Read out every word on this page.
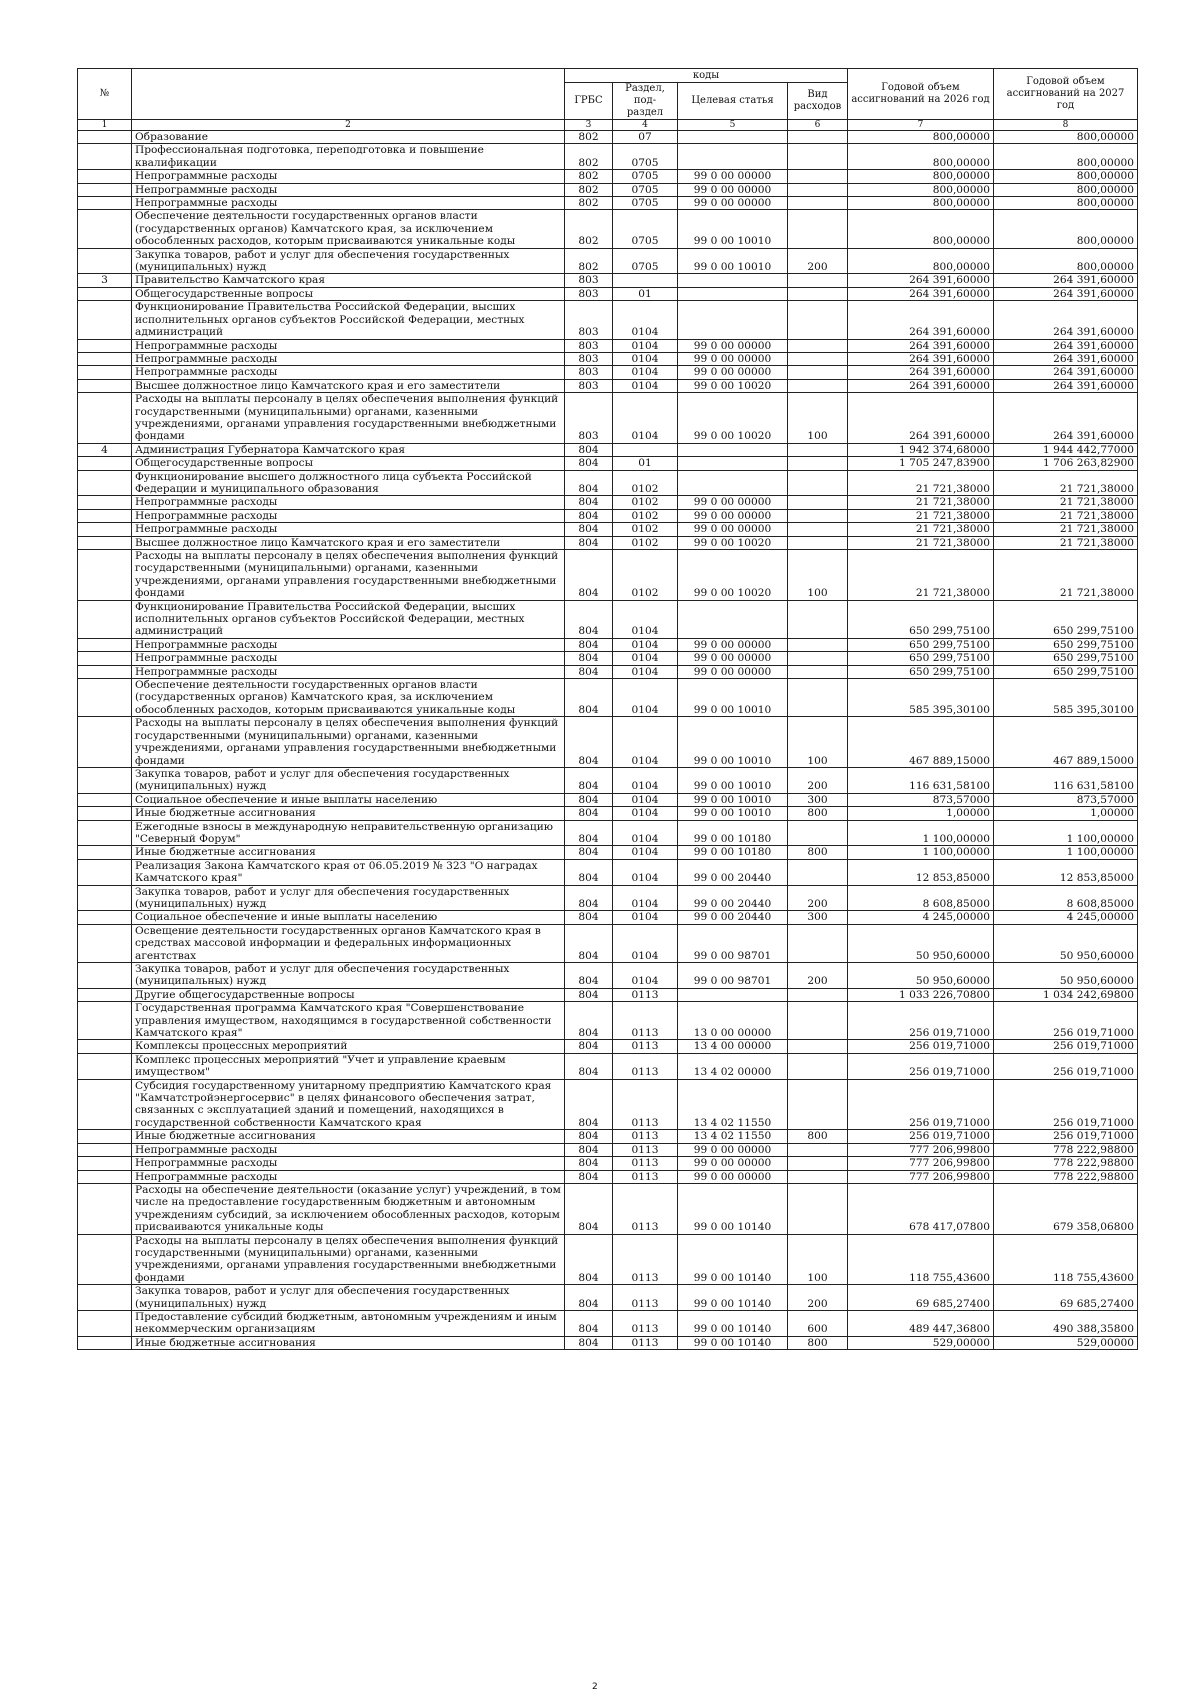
№		коды				Годовой объем ассигнований на 2026 год	Годовой объем ассигнований на 2027 год
		ГРБС	Раздел, под-раздел	Целевая статья	Вид расходов		
1	2	3	4	5	6	7	8
	Образование	802	07			800,00000	800,00000
	Профессиональная подготовка, переподготовка и повышение квалификации	802	0705			800,00000	800,00000
	Непрограммные расходы	802	0705	99 0 00 00000		800,00000	800,00000
	Непрограммные расходы	802	0705	99 0 00 00000		800,00000	800,00000
	Непрограммные расходы	802	0705	99 0 00 00000		800,00000	800,00000
	Обеспечение деятельности государственных органов власти (государственных органов) Камчатского края, за исключением обособленных расходов, которым присваиваются уникальные коды	802	0705	99 0 00 10010		800,00000	800,00000
	Закупка товаров, работ и услуг для обеспечения государственных (муниципальных) нужд	802	0705	99 0 00 10010	200	800,00000	800,00000
3	Правительство Камчатского края	803				264 391,60000	264 391,60000
	Общегосударственные вопросы	803	01			264 391,60000	264 391,60000
	Функционирование Правительства Российской Федерации, высших исполнительных органов субъектов Российской Федерации, местных администраций	803	0104			264 391,60000	264 391,60000
	Непрограммные расходы	803	0104	99 0 00 00000		264 391,60000	264 391,60000
	Непрограммные расходы	803	0104	99 0 00 00000		264 391,60000	264 391,60000
	Непрограммные расходы	803	0104	99 0 00 00000		264 391,60000	264 391,60000
	Высшее должностное лицо Камчатского края и его заместители	803	0104	99 0 00 10020		264 391,60000	264 391,60000
	Расходы на выплаты персоналу в целях обеспечения выполнения функций государственными (муниципальными) органами, казенными учреждениями, органами управления государственными внебюджетными фондами	803	0104	99 0 00 10020	100	264 391,60000	264 391,60000
4	Администрация Губернатора Камчатского края	804				1 942 374,68000	1 944 442,77000
	Общегосударственные вопросы	804	01			1 705 247,83900	1 706 263,82900
	Функционирование высшего должностного лица субъекта Российской Федерации и муниципального образования	804	0102			21 721,38000	21 721,38000
	Непрограммные расходы	804	0102	99 0 00 00000		21 721,38000	21 721,38000
	Непрограммные расходы	804	0102	99 0 00 00000		21 721,38000	21 721,38000
	Непрограммные расходы	804	0102	99 0 00 00000		21 721,38000	21 721,38000
	Высшее должностное лицо Камчатского края и его заместители	804	0102	99 0 00 10020		21 721,38000	21 721,38000
	Расходы на выплаты персоналу в целях обеспечения выполнения функций государственными (муниципальными) органами, казенными учреждениями, органами управления государственными внебюджетными фондами	804	0102	99 0 00 10020	100	21 721,38000	21 721,38000
	Функционирование Правительства Российской Федерации, высших исполнительных органов субъектов Российской Федерации, местных администраций	804	0104			650 299,75100	650 299,75100
	Непрограммные расходы	804	0104	99 0 00 00000		650 299,75100	650 299,75100
	Непрограммные расходы	804	0104	99 0 00 00000		650 299,75100	650 299,75100
	Непрограммные расходы	804	0104	99 0 00 00000		650 299,75100	650 299,75100
	Обеспечение деятельности государственных органов власти (государственных органов) Камчатского края, за исключением обособленных расходов, которым присваиваются уникальные коды	804	0104	99 0 00 10010		585 395,30100	585 395,30100
	Расходы на выплаты персоналу в целях обеспечения выполнения функций государственными (муниципальными) органами, казенными учреждениями, органами управления государственными внебюджетными фондами	804	0104	99 0 00 10010	100	467 889,15000	467 889,15000
	Закупка товаров, работ и услуг для обеспечения государственных (муниципальных) нужд	804	0104	99 0 00 10010	200	116 631,58100	116 631,58100
	Социальное обеспечение и иные выплаты населению	804	0104	99 0 00 10010	300	873,57000	873,57000
	Иные бюджетные ассигнования	804	0104	99 0 00 10010	800	1,00000	1,00000
	Ежегодные взносы в международную неправительственную организацию "Северный Форум"	804	0104	99 0 00 10180		1 100,00000	1 100,00000
	Иные бюджетные ассигнования	804	0104	99 0 00 10180	800	1 100,00000	1 100,00000
	Реализация Закона Камчатского края от 06.05.2019 № 323 "О наградах Камчатского края"	804	0104	99 0 00 20440		12 853,85000	12 853,85000
	Закупка товаров, работ и услуг для обеспечения государственных (муниципальных) нужд	804	0104	99 0 00 20440	200	8 608,85000	8 608,85000
	Социальное обеспечение и иные выплаты населению	804	0104	99 0 00 20440	300	4 245,00000	4 245,00000
	Освещение деятельности государственных органов Камчатского края в средствах массовой информации и федеральных информационных агентствах	804	0104	99 0 00 98701		50 950,60000	50 950,60000
	Закупка товаров, работ и услуг для обеспечения государственных (муниципальных) нужд	804	0104	99 0 00 98701	200	50 950,60000	50 950,60000
	Другие общегосударственные вопросы	804	0113			1 033 226,70800	1 034 242,69800
	Государственная программа Камчатского края "Совершенствование управления имуществом, находящимся в государственной собственности Камчатского края"	804	0113	13 0 00 00000		256 019,71000	256 019,71000
	Комплексы процессных мероприятий	804	0113	13 4 00 00000		256 019,71000	256 019,71000
	Комплекс процессных мероприятий "Учет и управление краевым имуществом"	804	0113	13 4 02 00000		256 019,71000	256 019,71000
	Субсидия государственному унитарному предприятию Камчатского края "Камчатстройэнергосервис" в целях финансового обеспечения затрат, связанных с эксплуатацией зданий и помещений, находящихся в государственной собственности Камчатского края	804	0113	13 4 02 11550		256 019,71000	256 019,71000
	Иные бюджетные ассигнования	804	0113	13 4 02 11550	800	256 019,71000	256 019,71000
	Непрограммные расходы	804	0113	99 0 00 00000		777 206,99800	778 222,98800
	Непрограммные расходы	804	0113	99 0 00 00000		777 206,99800	778 222,98800
	Непрограммные расходы	804	0113	99 0 00 00000		777 206,99800	778 222,98800
	Расходы на обеспечение деятельности (оказание услуг) учреждений, в том числе на предоставление государственным бюджетным и автономным учреждениям субсидий, за исключением обособленных расходов, которым присваиваются уникальные коды	804	0113	99 0 00 10140		678 417,07800	679 358,06800
	Расходы на выплаты персоналу в целях обеспечения выполнения функций государственными (муниципальными) органами, казенными учреждениями, органами управления государственными внебюджетными фондами	804	0113	99 0 00 10140	100	118 755,43600	118 755,43600
	Закупка товаров, работ и услуг для обеспечения государственных (муниципальных) нужд	804	0113	99 0 00 10140	200	69 685,27400	69 685,27400
	Предоставление субсидий бюджетным, автономным учреждениям и иным некоммерческим организациям	804	0113	99 0 00 10140	600	489 447,36800	490 388,35800
	Иные бюджетные ассигнования	804	0113	99 0 00 10140	800	529,00000	529,00000
2
